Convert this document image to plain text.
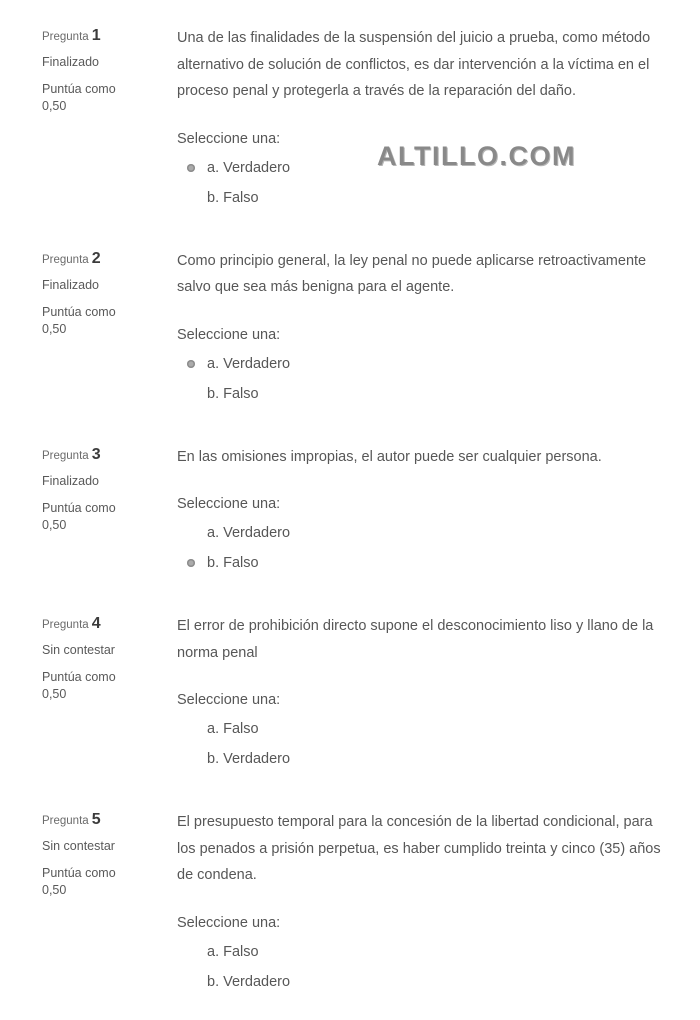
Pregunta 1
Finalizado
Puntúa como
0,50

Una de las finalidades de la suspensión del juicio a prueba, como método alternativo de solución de conflictos, es dar intervención a la víctima en el proceso penal y protegerla a través de la reparación del daño.

Seleccione una:
a. Verdadero
b. Falso
Pregunta 2
Finalizado
Puntúa como
0,50

Como principio general, la ley penal no puede aplicarse retroactivamente salvo que sea más benigna para el agente.

Seleccione una:
a. Verdadero
b. Falso
Pregunta 3
Finalizado
Puntúa como
0,50

En las omisiones impropias, el autor puede ser cualquier persona.

Seleccione una:
a. Verdadero
b. Falso
Pregunta 4
Sin contestar
Puntúa como
0,50

El error de prohibición directo supone el desconocimiento liso y llano de la norma penal

Seleccione una:
a. Falso
b. Verdadero
Pregunta 5
Sin contestar
Puntúa como
0,50

El presupuesto temporal para la concesión de la libertad condicional, para los penados a prisión perpetua, es haber cumplido treinta y cinco (35) años de condena.

Seleccione una:
a. Falso
b. Verdadero
ALTILLO.COM
